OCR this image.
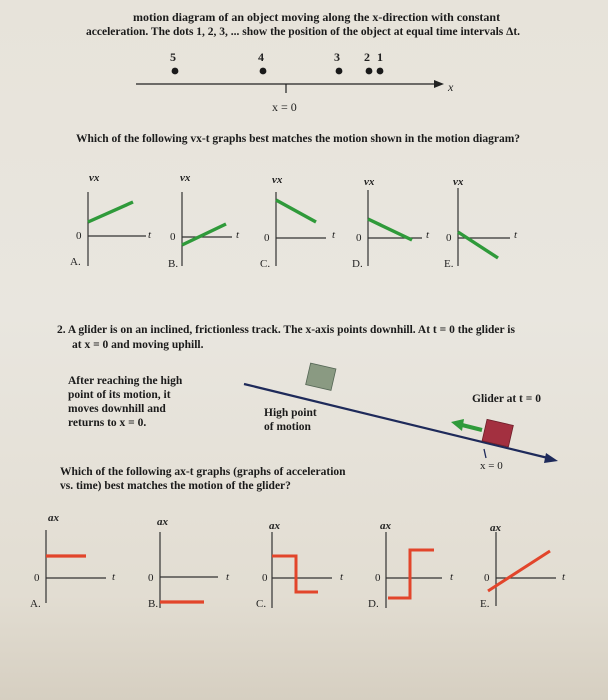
motion diagram of an object moving along the x-direction with constant
acceleration. The dots 1, 2, 3, ... show the position of the object at equal time intervals Δt.
5	4	3 2 1
x
x = 0
Which of the following vx-t graphs best matches the motion shown in the motion diagram?
vx
0	t
A.
vx
0	t
B.
vx
0	t
C.
vx
0	t
D.
vx
0	t
E.
2. A glider is on an inclined, frictionless track. The x-axis points downhill. At t = 0 the glider is
at x = 0 and moving uphill.
After reaching the high
point of its motion, it
moves downhill and
returns to x = 0.
High point
of motion
Glider at t = 0
x = 0
Which of the following ax-t graphs (graphs of acceleration
vs. time) best matches the motion of the glider?
ax
0	t
A.
ax
0	t
B.
ax
0	t
C.
ax
0	t
D.
ax
0	t
E.
